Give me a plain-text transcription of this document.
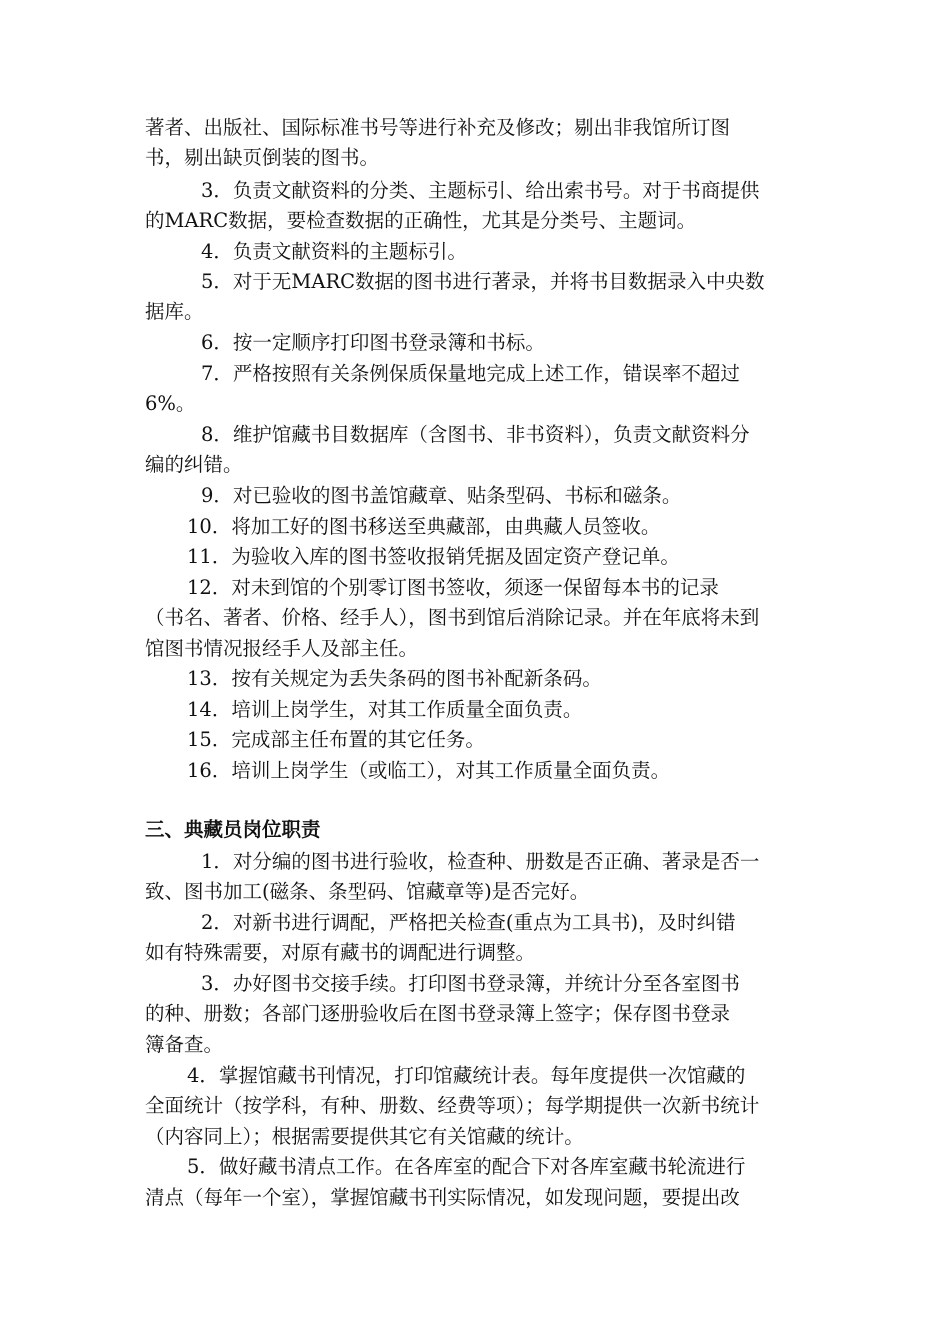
著者、出版社、国际标准书号等进行补充及修改；剔出非我馆所订图
书，剔出缺页倒装的图书。
3．负责文献资料的分类、主题标引、给出索书号。对于书商提供
的MARC数据，要检查数据的正确性，尤其是分类号、主题词。
4．负责文献资料的主题标引。
5．对于无MARC数据的图书进行著录，并将书目数据录入中央数
据库。
6．按一定顺序打印图书登录簿和书标。
7．严格按照有关条例保质保量地完成上述工作，错误率不超过
6%。
8．维护馆藏书目数据库（含图书、非书资料），负责文献资料分
编的纠错。
9．对已验收的图书盖馆藏章、贴条型码、书标和磁条。
10．将加工好的图书移送至典藏部，由典藏人员签收。
11．为验收入库的图书签收报销凭据及固定资产登记单。
12．对未到馆的个别零订图书签收，须逐一保留每本书的记录
（书名、著者、价格、经手人），图书到馆后消除记录。并在年底将未到
馆图书情况报经手人及部主任。
13．按有关规定为丢失条码的图书补配新条码。
14．培训上岗学生，对其工作质量全面负责。
15．完成部主任布置的其它任务。
16．培训上岗学生（或临工），对其工作质量全面负责。
三、典藏员岗位职责
1．对分编的图书进行验收，检查种、册数是否正确、著录是否一
致、图书加工(磁条、条型码、馆藏章等)是否完好。
2．对新书进行调配，严格把关检查(重点为工具书)，及时纠错
如有特殊需要，对原有藏书的调配进行调整。
3．办好图书交接手续。打印图书登录簿，并统计分至各室图书
的种、册数；各部门逐册验收后在图书登录簿上签字；保存图书登录
簿备查。
4．掌握馆藏书刊情况，打印馆藏统计表。每年度提供一次馆藏的
全面统计（按学科，有种、册数、经费等项）；每学期提供一次新书统计
（内容同上）；根据需要提供其它有关馆藏的统计。
5．做好藏书清点工作。在各库室的配合下对各库室藏书轮流进行
清点（每年一个室），掌握馆藏书刊实际情况，如发现问题，要提出改
